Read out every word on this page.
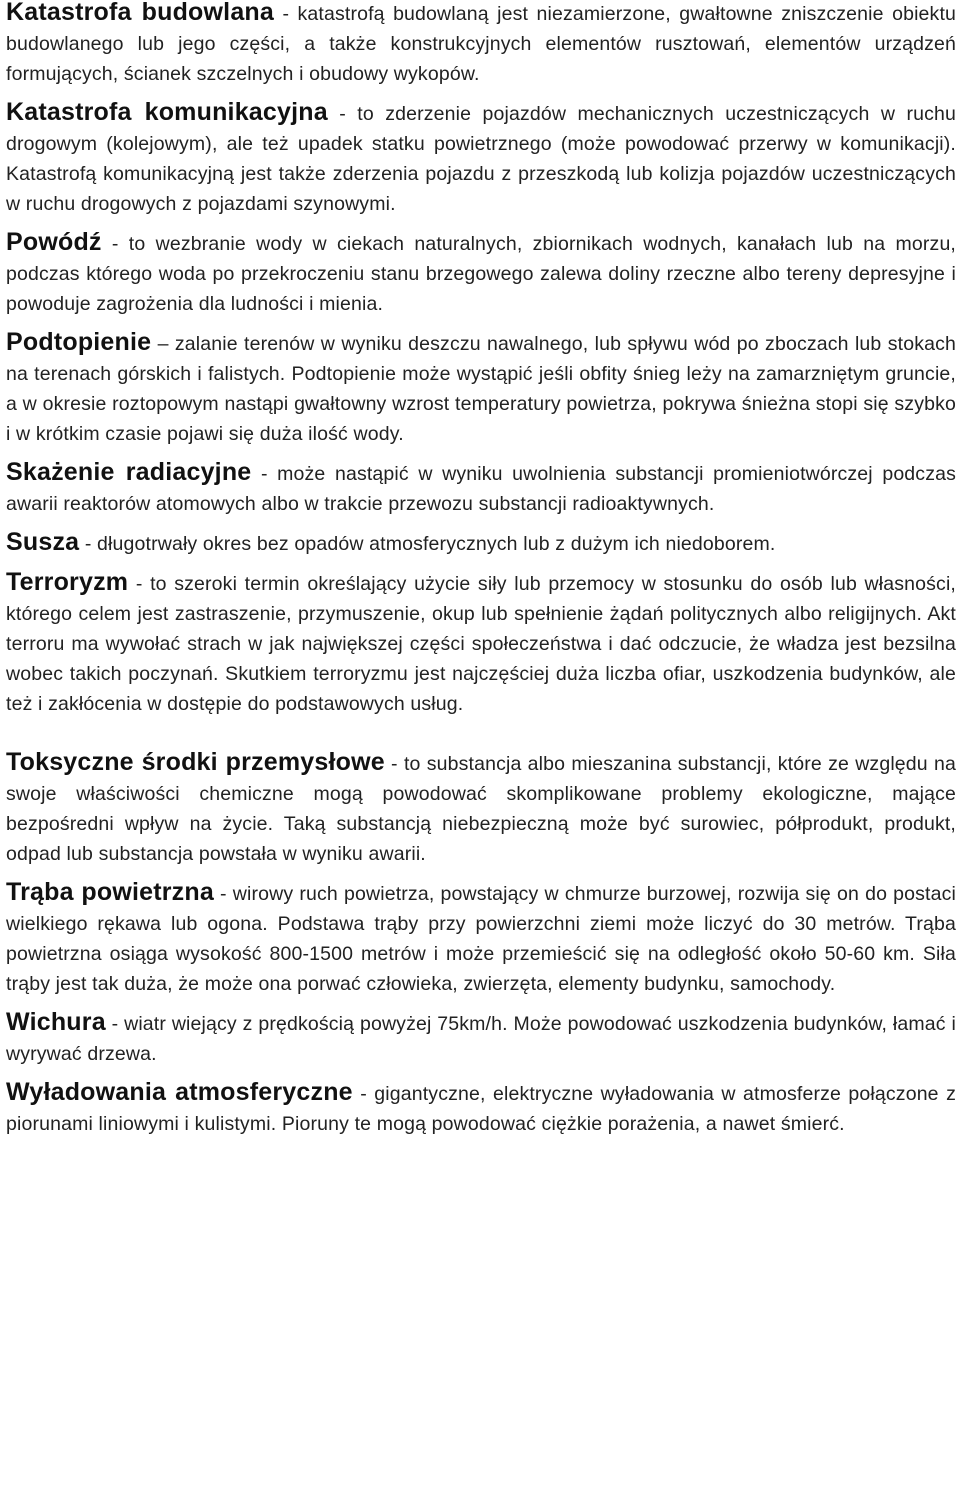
Katastrofa budowlana - katastrofą budowlaną jest niezamierzone, gwałtowne zniszczenie obiektu budowlanego lub jego części, a także konstrukcyjnych elementów rusztowań, elementów urządzeń formujących, ścianek szczelnych i obudowy wykopów.

Katastrofa komunikacyjna - to zderzenie pojazdów mechanicznych uczestniczących w ruchu drogowym (kolejowym), ale też upadek statku powietrznego (może powodować przerwy w komunikacji). Katastrofą komunikacyjną jest także zderzenia pojazdu z przeszkodą lub kolizja pojazdów uczestniczących w ruchu drogowych z pojazdami szynowymi.

Powódź - to wezbranie wody w ciekach naturalnych, zbiornikach wodnych, kanałach lub na morzu, podczas którego woda po przekroczeniu stanu brzegowego zalewa doliny rzeczne albo tereny depresyjne i powoduje zagrożenia dla ludności i mienia.

Podtopienie – zalanie terenów w wyniku deszczu nawalnego, lub spływu wód po zboczach lub stokach na terenach górskich i falistych. Podtopienie może wystąpić jeśli obfity śnieg leży na zamarzniętym gruncie, a w okresie roztopowym nastąpi gwałtowny wzrost temperatury powietrza, pokrywa śnieżna stopi się szybko i w krótkim czasie pojawi się duża ilość wody.

Skażenie radiacyjne - może nastąpić w wyniku uwolnienia substancji promieniotwórczej podczas awarii reaktorów atomowych albo w trakcie przewozu substancji radioaktywnych.

Susza - długotrwały okres bez opadów atmosferycznych lub z dużym ich niedoborem.

Terroryzm - to szeroki termin określający użycie siły lub przemocy w stosunku do osób lub własności, którego celem jest zastraszenie, przymuszenie, okup lub spełnienie żądań politycznych albo religijnych. Akt terroru ma wywołać strach w jak największej części społeczeństwa i dać odczucie, że władza jest bezsilna wobec takich poczynań. Skutkiem terroryzmu jest najczęściej duża liczba ofiar, uszkodzenia budynków, ale też i zakłócenia w dostępie do podstawowych usług.

Toksyczne środki przemysłowe - to substancja albo mieszanina substancji, które ze względu na swoje właściwości chemiczne mogą powodować skomplikowane problemy ekologiczne, mające bezpośredni wpływ na życie. Taką substancją niebezpieczną może być surowiec, półprodukt, produkt, odpad lub substancja powstała w wyniku awarii.

Trąba powietrzna - wirowy ruch powietrza, powstający w chmurze burzowej, rozwija się on do postaci wielkiego rękawa lub ogona. Podstawa trąby przy powierzchni ziemi może liczyć do 30 metrów. Trąba powietrzna osiąga wysokość 800-1500 metrów i może przemieścić się na odległość około 50-60 km. Siła trąby jest tak duża, że może ona porwać człowieka, zwierzęta, elementy budynku, samochody.

Wichura - wiatr wiejący z prędkością powyżej 75km/h. Może powodować uszkodzenia budynków, łamać i wyrywać drzewa.

Wyładowania atmosferyczne - gigantyczne, elektryczne wyładowania w atmosferze połączone z piorunami liniowymi i kulistymi. Pioruny te mogą powodować ciężkie porażenia, a nawet śmierć.
